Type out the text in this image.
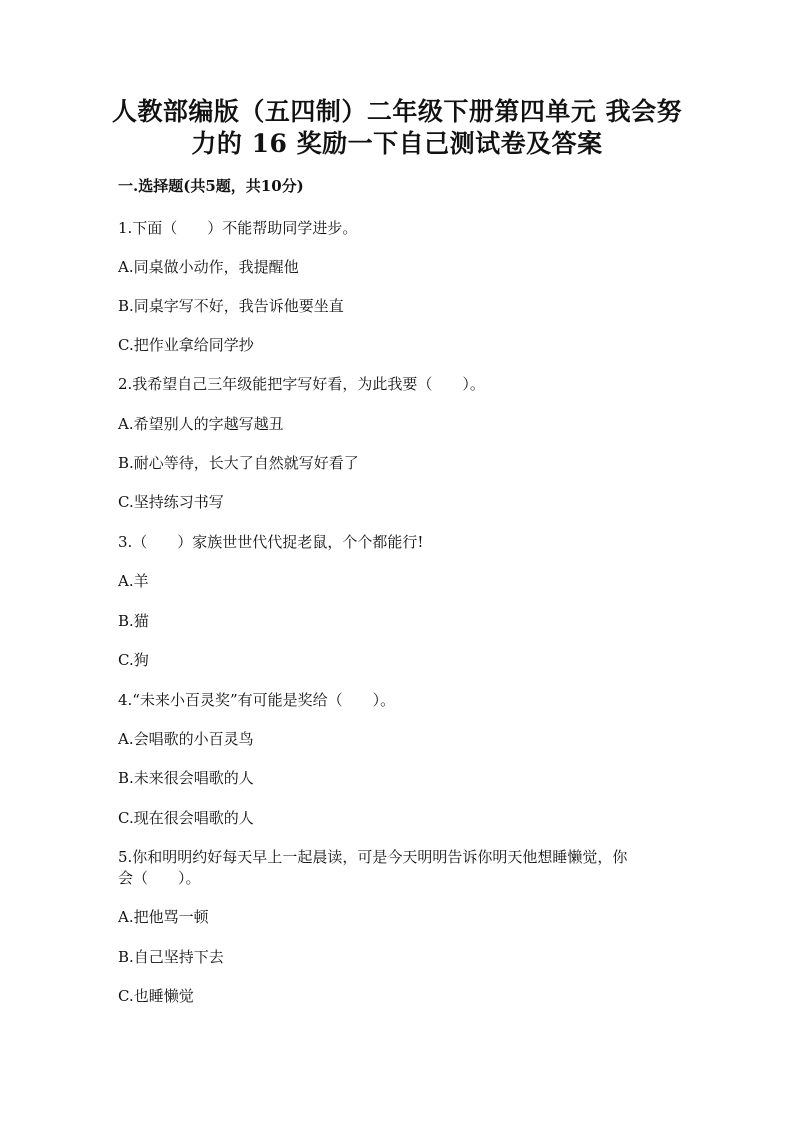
人教部编版（五四制）二年级下册第四单元 我会努
力的 16 奖励一下自己测试卷及答案
一.选择题(共5题，共10分)
1.下面（　　）不能帮助同学进步。
A.同桌做小动作，我提醒他
B.同桌字写不好，我告诉他要坐直
C.把作业拿给同学抄
2.我希望自己三年级能把字写好看，为此我要（　　）。
A.希望别人的字越写越丑
B.耐心等待，长大了自然就写好看了
C.坚持练习书写
3.（　　）家族世世代代捉老鼠，个个都能行!
A.羊
B.猫
C.狗
4.“未来小百灵奖”有可能是奖给（　　）。
A.会唱歌的小百灵鸟
B.未来很会唱歌的人
C.现在很会唱歌的人
5.你和明明约好每天早上一起晨读，可是今天明明告诉你明天他想睡懒觉，你
会（　　）。
A.把他骂一顿
B.自己坚持下去
C.也睡懒觉
